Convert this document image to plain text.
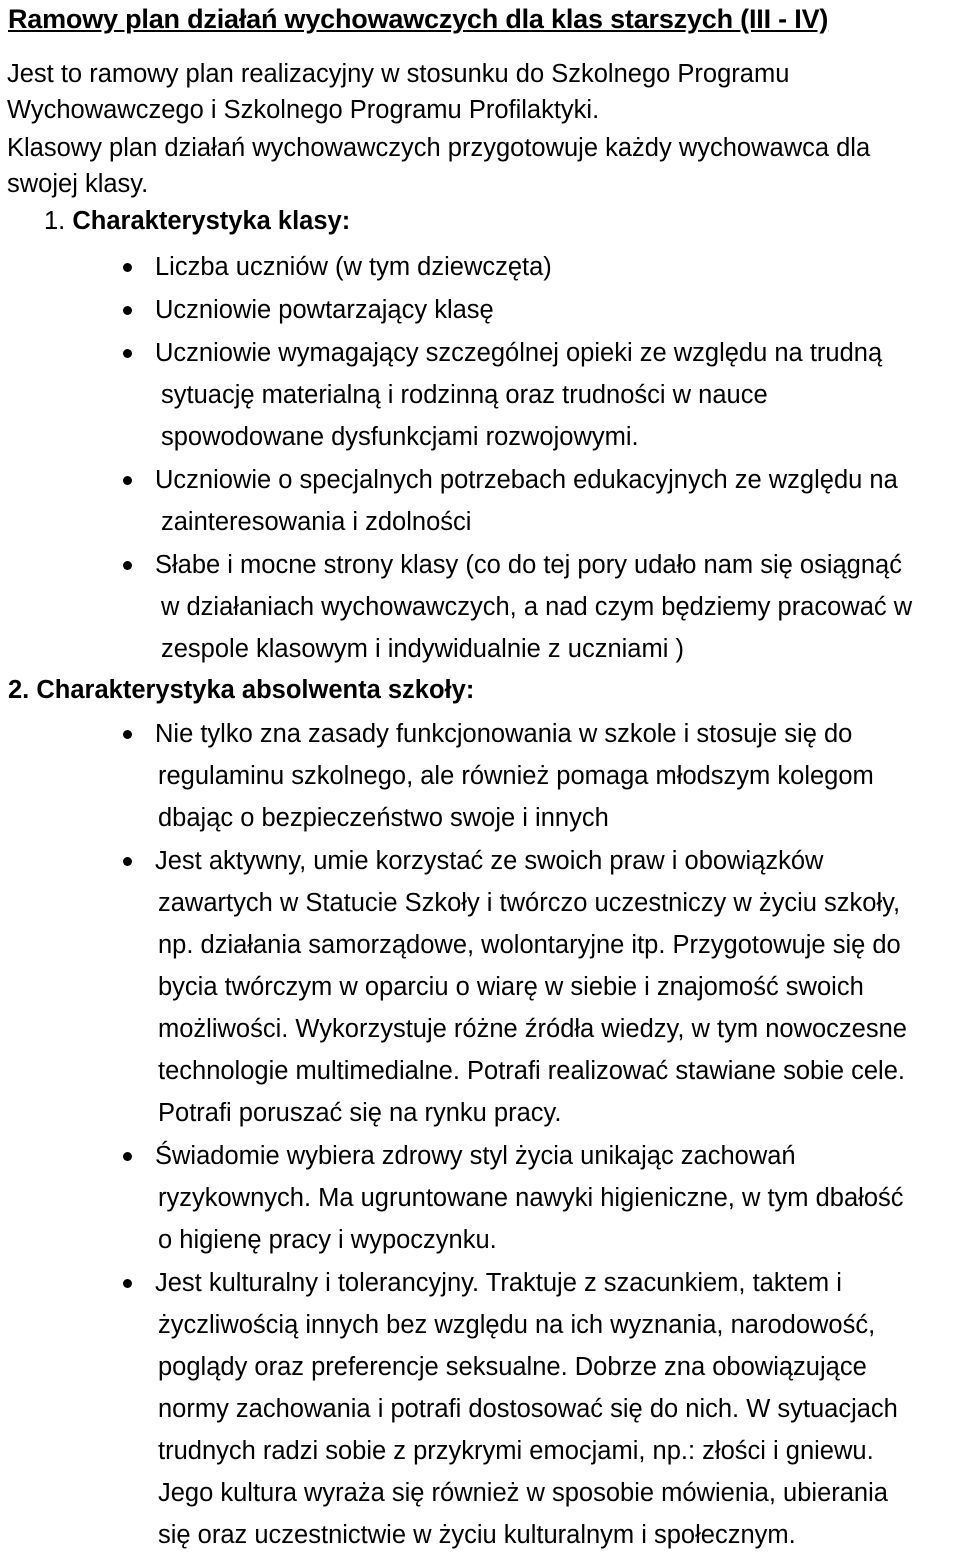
Ramowy plan działań wychowawczych dla klas starszych (III - IV)
Jest to ramowy plan realizacyjny w stosunku do Szkolnego Programu
Wychowawczego i Szkolnego Programu Profilaktyki.
Klasowy plan działań wychowawczych przygotowuje każdy wychowawca dla
swojej klasy.
1. Charakterystyka klasy:
Liczba uczniów (w tym dziewczęta)
Uczniowie powtarzający klasę
Uczniowie wymagający szczególnej opieki ze względu na trudną
sytuację materialną i rodzinną oraz trudności w nauce
spowodowane dysfunkcjami rozwojowymi.
Uczniowie o specjalnych potrzebach edukacyjnych ze względu na
zainteresowania i zdolności
Słabe i mocne strony klasy (co do tej pory udało nam się osiągnąć
w działaniach wychowawczych, a nad czym będziemy pracować w
zespole klasowym i indywidualnie z uczniami )
2. Charakterystyka absolwenta szkoły:
Nie tylko zna zasady funkcjonowania w szkole i stosuje się do
regulaminu szkolnego, ale również pomaga młodszym kolegom
dbając o bezpieczeństwo swoje i innych
Jest aktywny, umie korzystać ze swoich praw i obowiązków
zawartych w Statucie Szkoły i twórczo uczestniczy w życiu szkoły,
np. działania samorządowe, wolontaryjne itp. Przygotowuje się do
bycia twórczym w oparciu o wiarę w siebie i znajomość swoich
możliwości. Wykorzystuje różne źródła wiedzy, w tym nowoczesne
technologie multimedialne. Potrafi realizować stawiane sobie cele.
Potrafi poruszać się na rynku pracy.
Świadomie wybiera zdrowy styl życia unikając zachowań
ryzykownych. Ma ugruntowane nawyki higieniczne, w tym dbałość
o higienę pracy i wypoczynku.
Jest kulturalny i tolerancyjny. Traktuje z szacunkiem, taktem i
życzliwością innych bez względu na ich wyznania, narodowość,
poglądy oraz preferencje seksualne. Dobrze zna obowiązujące
normy zachowania i potrafi dostosować się do nich. W sytuacjach
trudnych radzi sobie z przykrymi emocjami, np.: złości i gniewu.
Jego kultura wyraża się również w sposobie mówienia, ubierania
się oraz uczestnictwie w życiu kulturalnym i społecznym.
